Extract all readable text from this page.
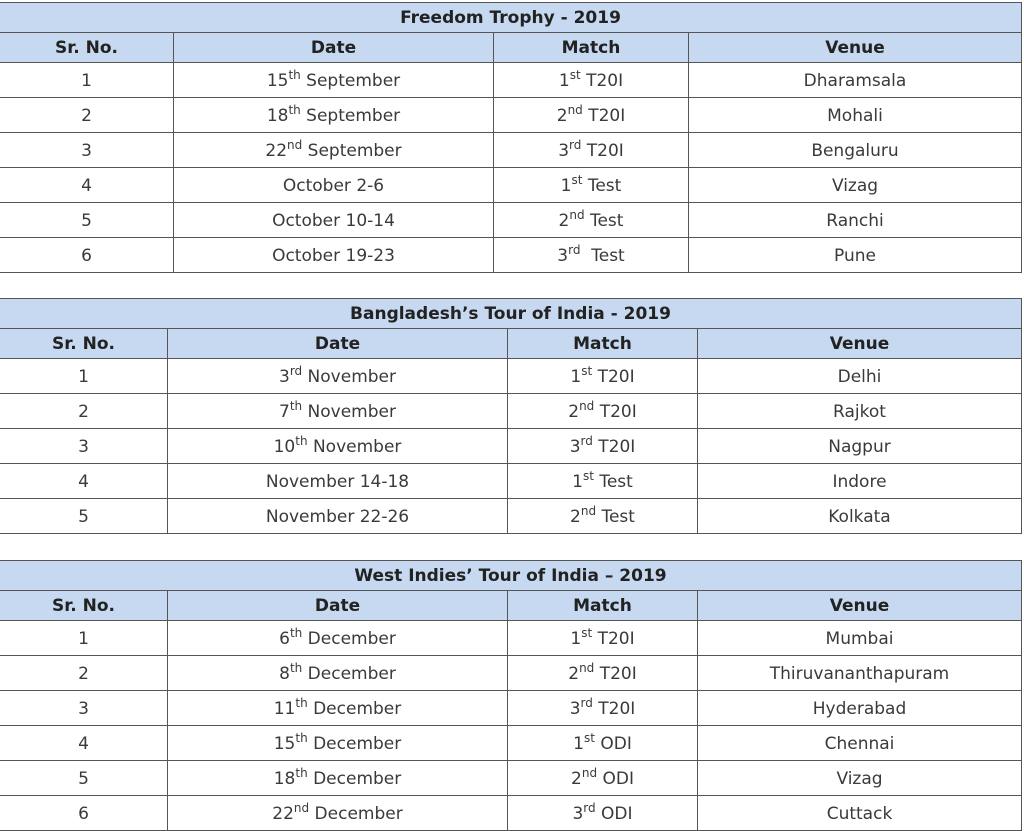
Freedom Trophy - 2019			
Sr. No.	Date	Match	Venue
1	15th September	1st T20I	Dharamsala
2	18th September	2nd T20I	Mohali
3	22nd September	3rd T20I	Bengaluru
4	October 2-6	1st Test	Vizag
5	October 10-14	2nd Test	Ranchi
6	October 19-23	3rd  Test	Pune
Bangladesh’s Tour of India - 2019			
Sr. No.	Date	Match	Venue
1	3rd November	1st T20I	Delhi
2	7th November	2nd T20I	Rajkot
3	10th November	3rd T20I	Nagpur
4	November 14-18	1st Test	Indore
5	November 22-26	2nd Test	Kolkata
West Indies’ Tour of India – 2019			
Sr. No.	Date	Match	Venue
1	6th December	1st T20I	Mumbai
2	8th December	2nd T20I	Thiruvananthapuram
3	11th December	3rd T20I	Hyderabad
4	15th December	1st ODI	Chennai
5	18th December	2nd ODI	Vizag
6	22nd December	3rd ODI	Cuttack
